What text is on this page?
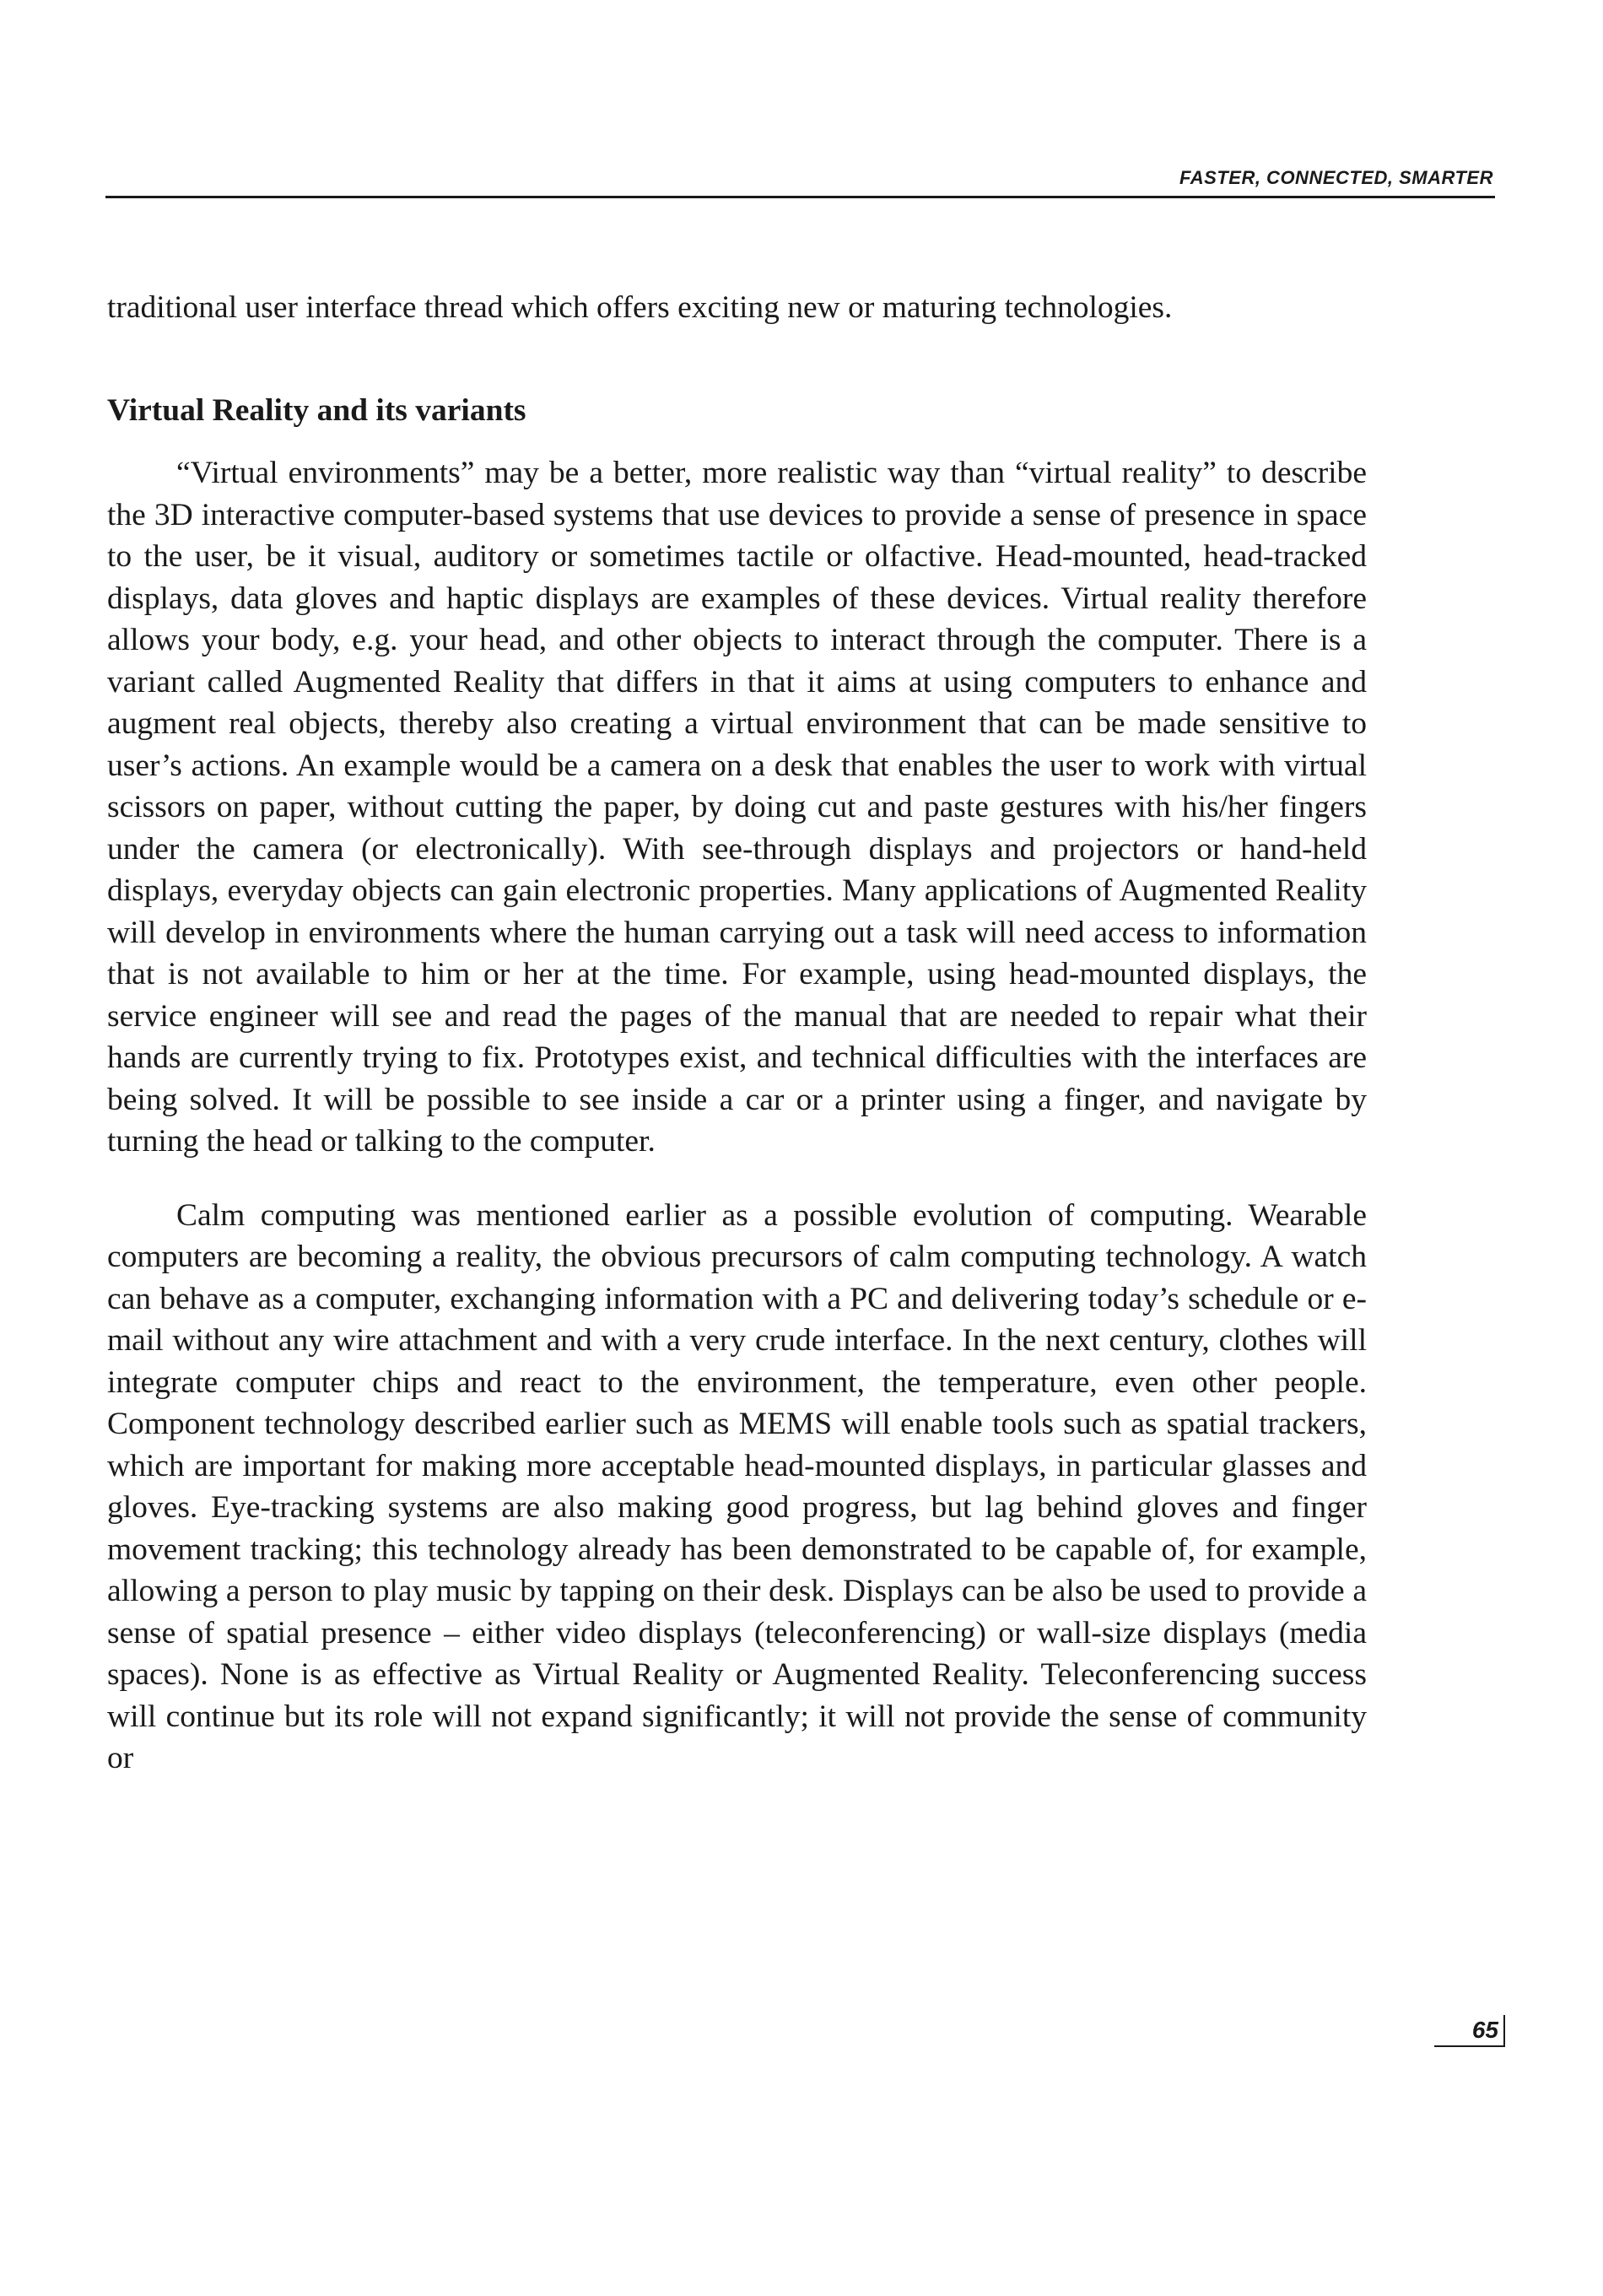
FASTER, CONNECTED, SMARTER

traditional user interface thread which offers exciting new or maturing technologies.

Virtual Reality and its variants

“Virtual environments” may be a better, more realistic way than “virtual reality” to describe the 3D interactive computer-based systems that use devices to provide a sense of presence in space to the user, be it visual, auditory or sometimes tactile or olfactive. Head-mounted, head-tracked displays, data gloves and haptic displays are examples of these devices. Virtual reality therefore allows your body, e.g. your head, and other objects to interact through the computer. There is a variant called Augmented Reality that differs in that it aims at using computers to enhance and augment real objects, thereby also creating a virtual environment that can be made sensitive to user’s actions. An example would be a camera on a desk that enables the user to work with virtual scissors on paper, without cutting the paper, by doing cut and paste gestures with his/her fingers under the camera (or electronically). With see-through displays and projectors or hand-held displays, everyday objects can gain electronic properties. Many applications of Augmented Reality will develop in environments where the human carrying out a task will need access to information that is not available to him or her at the time. For example, using head-mounted displays, the service engineer will see and read the pages of the manual that are needed to repair what their hands are currently trying to fix. Prototypes exist, and technical difficulties with the interfaces are being solved. It will be possible to see inside a car or a printer using a finger, and navigate by turning the head or talking to the computer.

Calm computing was mentioned earlier as a possible evolution of computing. Wearable computers are becoming a reality, the obvious precursors of calm computing technology. A watch can behave as a computer, exchanging information with a PC and delivering today’s schedule or e-mail without any wire attachment and with a very crude interface. In the next century, clothes will integrate computer chips and react to the environment, the temperature, even other people. Component technology described earlier such as MEMS will enable tools such as spatial trackers, which are important for making more acceptable head-mounted displays, in particular glasses and gloves. Eye-tracking systems are also making good progress, but lag behind gloves and finger movement tracking; this technology already has been demonstrated to be capable of, for example, allowing a person to play music by tapping on their desk. Displays can be also be used to provide a sense of spatial presence – either video displays (teleconferencing) or wall-size displays (media spaces). None is as effective as Virtual Reality or Augmented Reality. Teleconferencing success will continue but its role will not expand significantly; it will not provide the sense of community or

65
